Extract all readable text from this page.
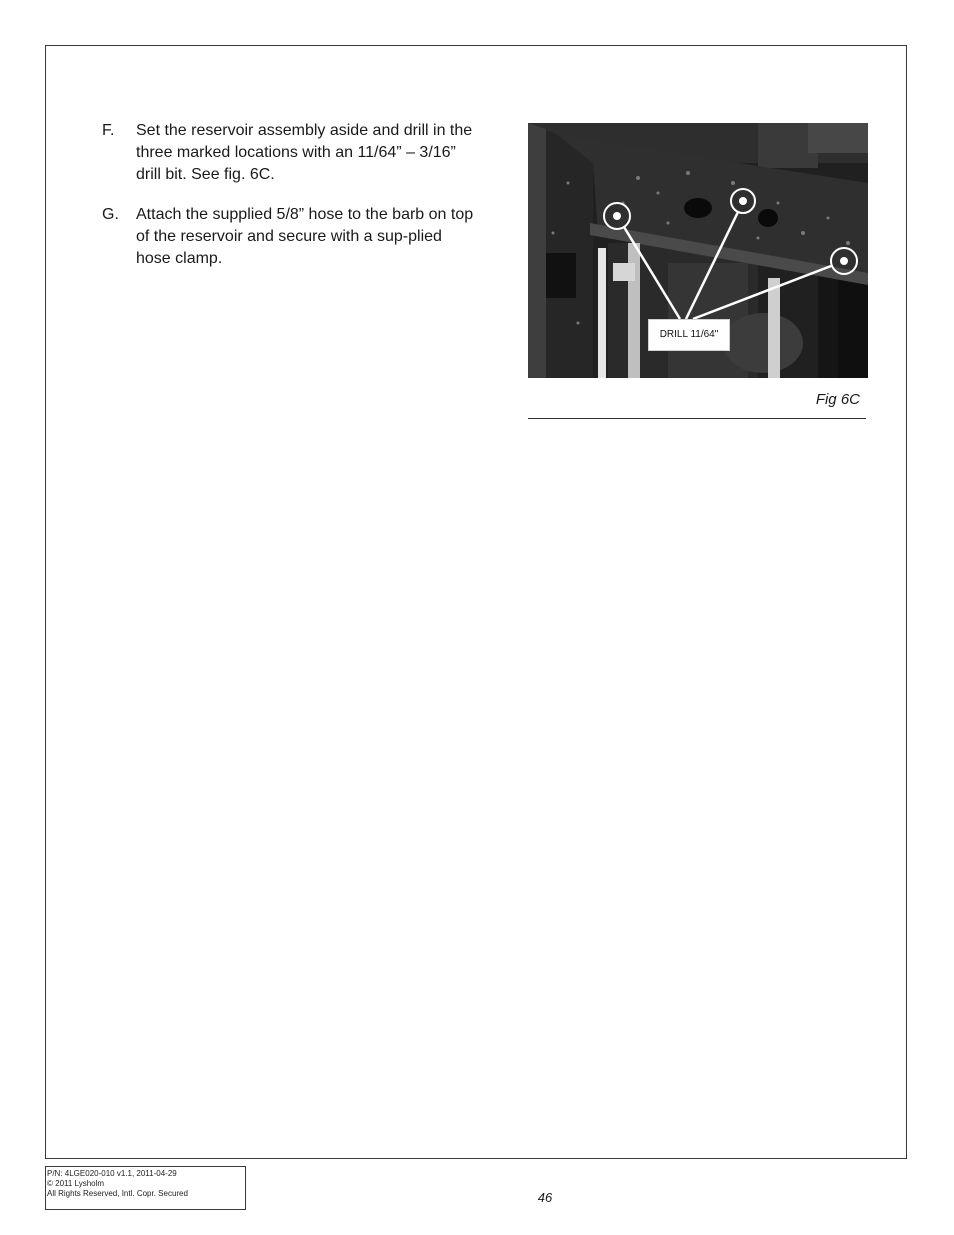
F. Set the reservoir assembly aside and drill in the three marked locations with an 11/64” – 3/16” drill bit. See fig. 6C.
G. Attach the supplied 5/8” hose to the barb on top of the reservoir and secure with a sup-plied hose clamp.
DRILL 11/64"
Fig 6C
P/N: 4LGE020-010 v1.1, 2011-04-29
© 2011 Lysholm
All Rights Reserved, Intl. Copr. Secured	46
